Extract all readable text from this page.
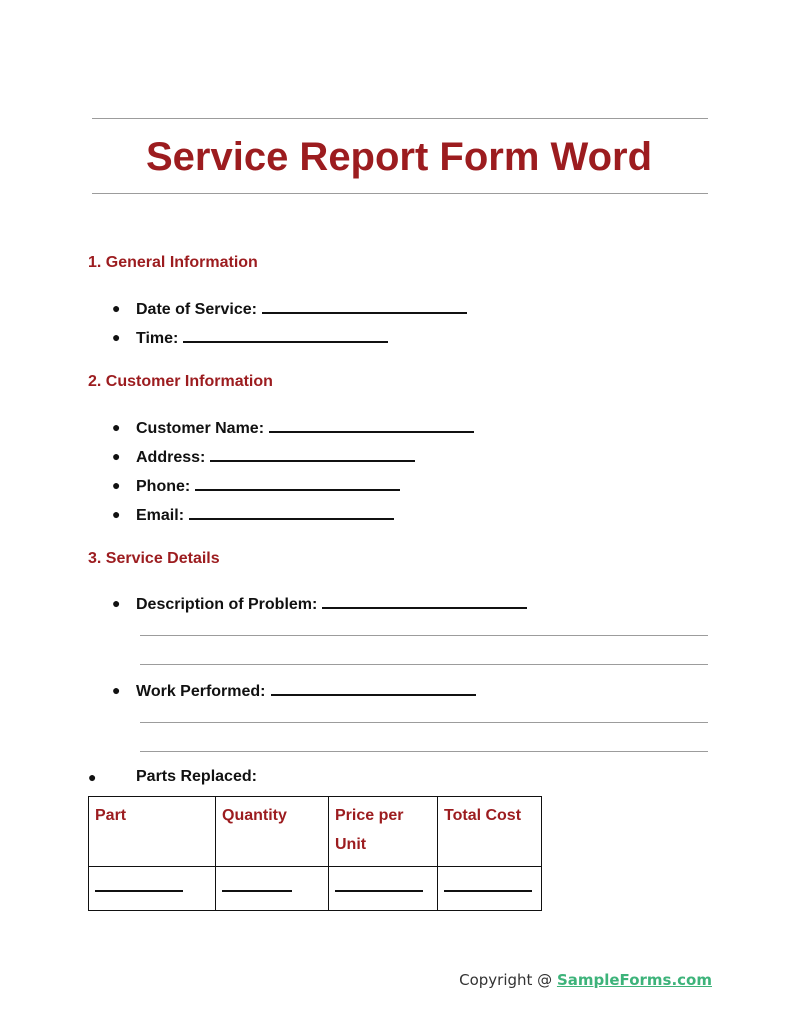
Service Report Form Word
1. General Information
● Date of Service:
● Time:
2. Customer Information
● Customer Name:
● Address:
● Phone:
● Email:
3. Service Details
● Description of Problem:
● Work Performed:
● Parts Replaced:
Part	Quantity	Price per Unit	Total Cost

Copyright @ SampleForms.com
